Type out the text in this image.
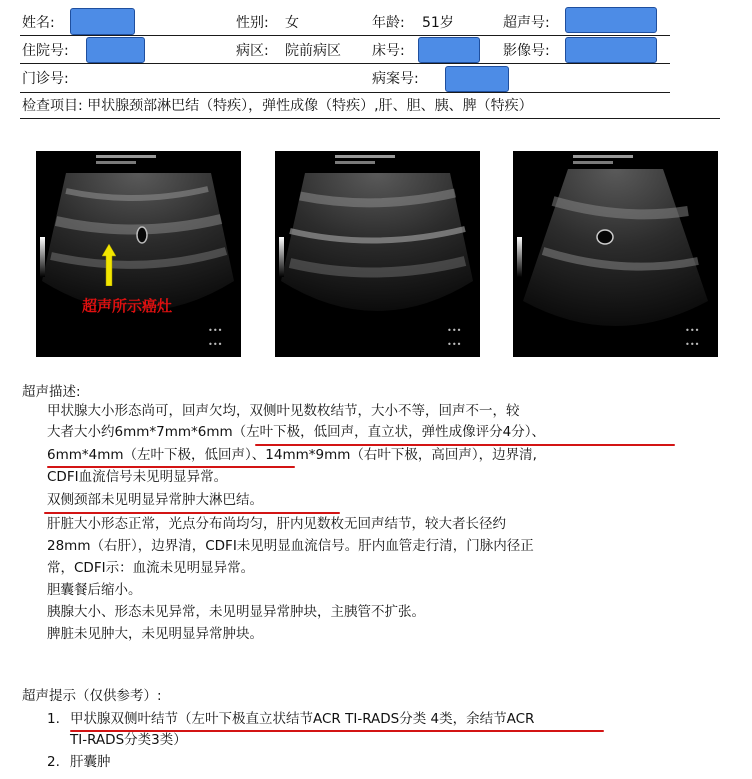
姓名:	性别: 女	年龄: 51岁	超声号:
住院号:	病区: 院前病区 床号:	影像号:
门诊号:	病案号:
检查项目: 甲状腺颈部淋巴结（特疾），弹性成像（特疾）,肝、胆、胰、脾（特疾）
•••
•••
超声所示癌灶
•••
•••
•••
•••
超声描述:
甲状腺大小形态尚可，回声欠均，双侧叶见数枚结节，大小不等，回声不一，较
大者大小约6mm*7mm*6mm（左叶下极，低回声，直立状，弹性成像评分4分）、
6mm*4mm（左叶下极，低回声）、14mm*9mm（右叶下极，高回声），边界清,
CDFI血流信号未见明显异常。
双侧颈部未见明显异常肿大淋巴结。
肝脏大小形态正常，光点分布尚均匀，肝内见数枚无回声结节，较大者长径约
28mm（右肝），边界清，CDFI未见明显血流信号。肝内血管走行清，门脉内径正
常，CDFI示：血流未见明显异常。
胆囊餐后缩小。
胰腺大小、形态未见异常，未见明显异常肿块，主胰管不扩张。
脾脏未见肿大，未见明显异常肿块。
超声提示（仅供参考）:
1. 甲状腺双侧叶结节（左叶下极直立状结节ACR TI-RADS分类 4类，余结节ACR
TI-RADS分类3类）
2. 肝囊肿
